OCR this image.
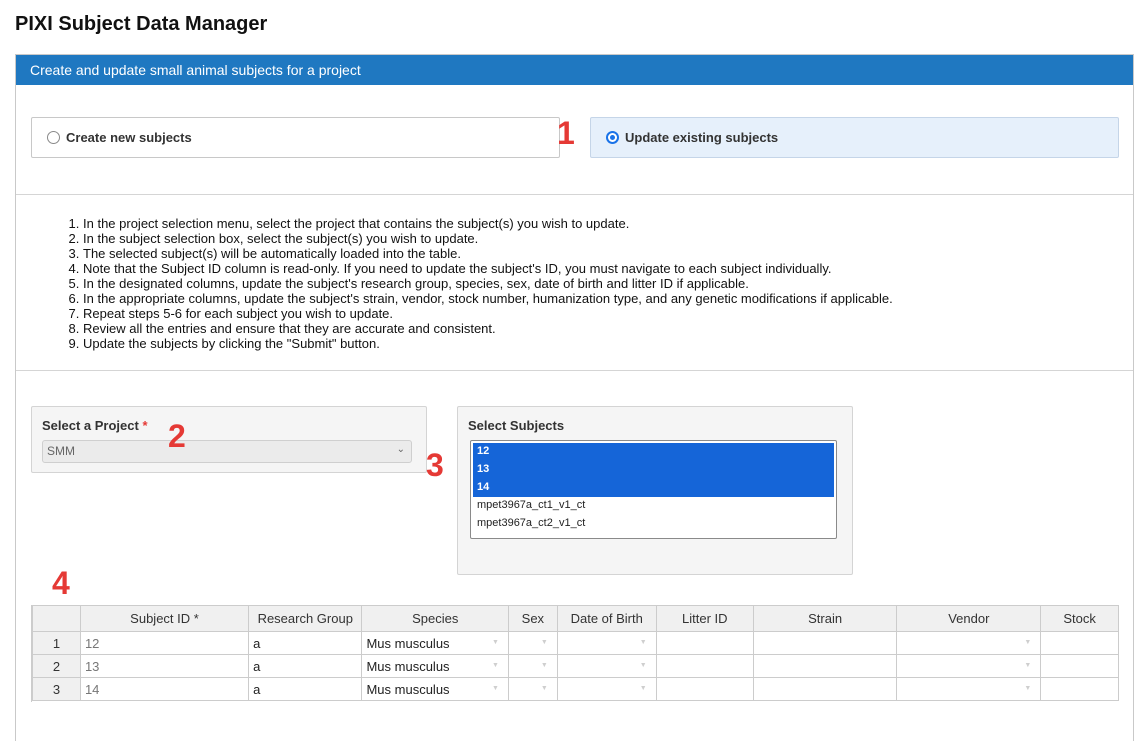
PIXI Subject Data Manager
Create and update small animal subjects for a project
Create new subjects	1	Update existing subjects
1. In the project selection menu, select the project that contains the subject(s) you wish to update.
2. In the subject selection box, select the subject(s) you wish to update.
3. The selected subject(s) will be automatically loaded into the table.
4. Note that the Subject ID column is read-only. If you need to update the subject's ID, you must navigate to each subject individually.
5. In the designated columns, update the subject's research group, species, sex, date of birth and litter ID if applicable.
6. In the appropriate columns, update the subject's strain, vendor, stock number, humanization type, and any genetic modifications if applicable.
7. Repeat steps 5-6 for each subject you wish to update.
8. Review all the entries and ensure that they are accurate and consistent.
9. Update the subjects by clicking the "Submit" button.
Select a Project *
SMM	⌄
2
3
Select Subjects
12
13
14
mpet3967a_ct1_v1_ct
mpet3967a_ct2_v1_ct
4
	Subject ID *	Research Group	Species	Sex	Date of Birth	Litter ID	Strain	Vendor	Stock
1	12	a	Mus musculus ▼	▼	▼			▼	
2	13	a	Mus musculus ▼	▼	▼			▼	
3	14	a	Mus musculus ▼	▼	▼			▼	
